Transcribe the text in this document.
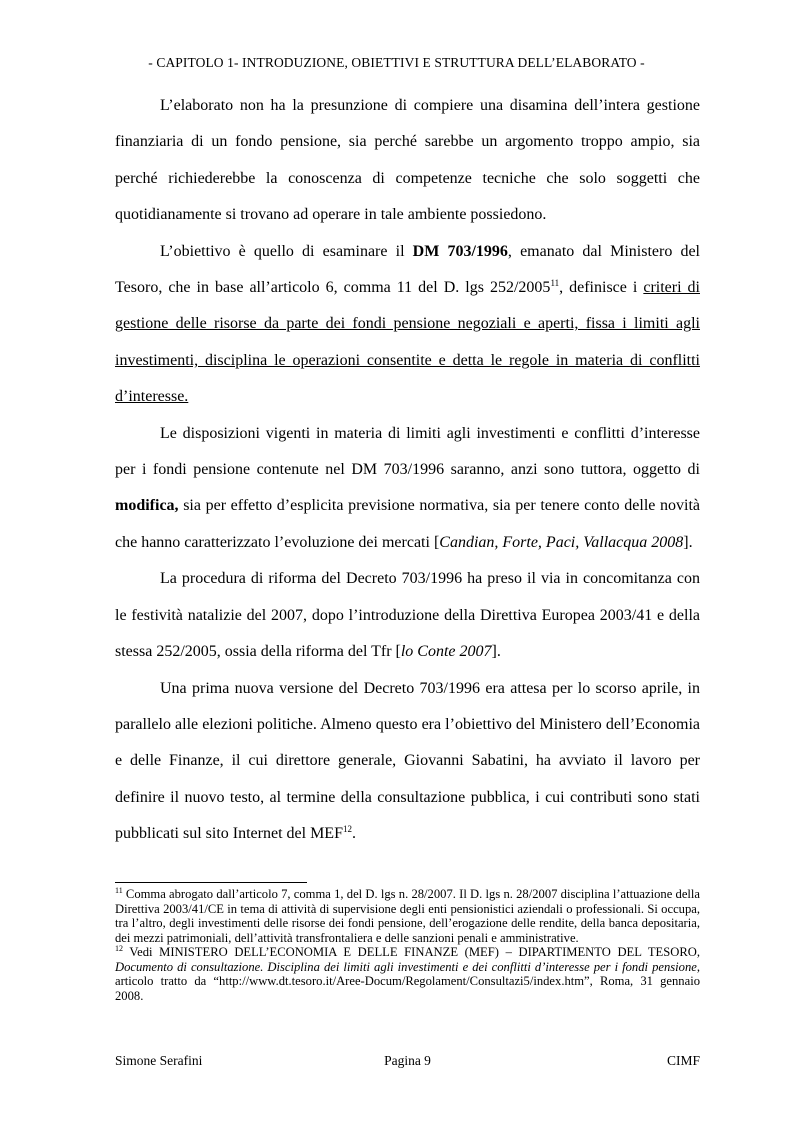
- CAPITOLO 1- INTRODUZIONE, OBIETTIVI E STRUTTURA DELL’ELABORATO -

L’elaborato non ha la presunzione di compiere una disamina dell’intera gestione finanziaria di un fondo pensione, sia perché sarebbe un argomento troppo ampio, sia perché richiederebbe la conoscenza di competenze tecniche che solo soggetti che quotidianamente si trovano ad operare in tale ambiente possiedono.

L’obiettivo è quello di esaminare il DM 703/1996, emanato dal Ministero del Tesoro, che in base all’articolo 6, comma 11 del D. lgs 252/2005$^{11}$, definisce i criteri di gestione delle risorse da parte dei fondi pensione negoziali e aperti, fissa i limiti agli investimenti, disciplina le operazioni consentite e detta le regole in materia di conflitti d’interesse.

Le disposizioni vigenti in materia di limiti agli investimenti e conflitti d’interesse per i fondi pensione contenute nel DM 703/1996 saranno, anzi sono tuttora, oggetto di modifica, sia per effetto d’esplicita previsione normativa, sia per tenere conto delle novità che hanno caratterizzato l’evoluzione dei mercati [Candian, Forte, Paci, Vallacqua 2008].

La procedura di riforma del Decreto 703/1996 ha preso il via in concomitanza con le festività natalizie del 2007, dopo l’introduzione della Direttiva Europea 2003/41 e della stessa 252/2005, ossia della riforma del Tfr [lo Conte 2007].

Una prima nuova versione del Decreto 703/1996 era attesa per lo scorso aprile, in parallelo alle elezioni politiche. Almeno questo era l’obiettivo del Ministero dell’Economia e delle Finanze, il cui direttore generale, Giovanni Sabatini, ha avviato il lavoro per definire il nuovo testo, al termine della consultazione pubblica, i cui contributi sono stati pubblicati sul sito Internet del MEF$^{12}$.

$^{11}$ Comma abrogato dall’articolo 7, comma 1, del D. lgs n. 28/2007. Il D. lgs n. 28/2007 disciplina l’attuazione della Direttiva 2003/41/CE in tema di attività di supervisione degli enti pensionistici aziendali o professionali. Si occupa, tra l’altro, degli investimenti delle risorse dei fondi pensione, dell’erogazione delle rendite, della banca depositaria, dei mezzi patrimoniali, dell’attività transfrontaliera e delle sanzioni penali e amministrative.

$^{12}$ Vedi MINISTERO DELL’ECONOMIA E DELLE FINANZE (MEF) – DIPARTIMENTO DEL TESORO, Documento di consultazione. Disciplina dei limiti agli investimenti e dei conflitti d’interesse per i fondi pensione, articolo tratto da “http://www.dt.tesoro.it/Aree-Docum/Regolament/Consultazi5/index.htm”, Roma, 31 gennaio 2008.

Simone Serafini	Pagina 9	CIMF
